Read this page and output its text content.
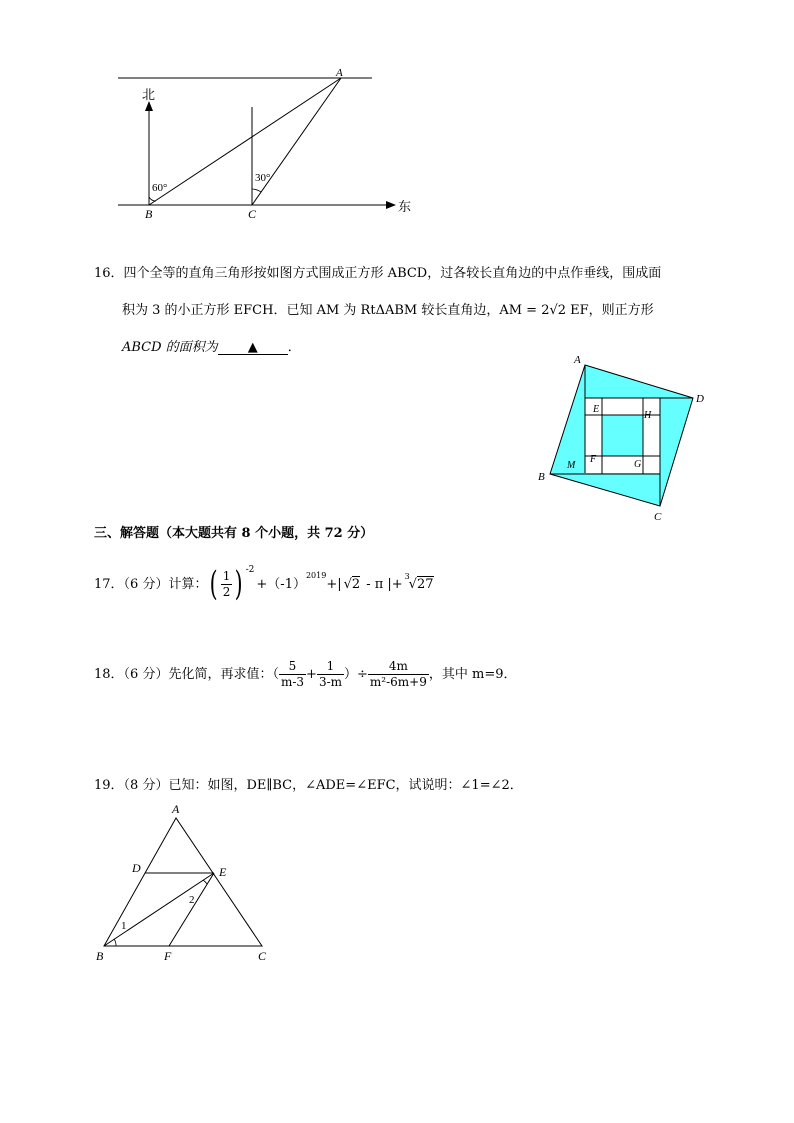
北
东
A
B	C
60°
30°
16．四个全等的直角三角形按如图方式围成正方形 ABCD，过各较长直角边的中点作垂线，围成面
积为 3 的小正方形 EFCH．已知 AM 为 RtΔABM 较长直角边，AM = 2√2 EF，则正方形
ABCD 的面积为 ▲ ．
A
D
C
B
E
H
F	G
M
三、解答题（本大题共有 8 个小题，共 72 分）
17．（6 分）计算： ( $\frac{1}{2}$ ) $^{-2}$
+（-1）
$^{2019}$
+| √2 - π |+
3
√27
18．（6 分）先化简，再求值：（ $\frac{5}{m-3} + \frac{1}{3-m}$ ）÷ $\frac{4m}{\text{m²-6m+9}}$ ，其中 m=9．
19．（8 分）已知：如图，DE∥BC，∠ADE=∠EFC，试说明：∠1=∠2．
A
D	E
B	F	C
1
2
